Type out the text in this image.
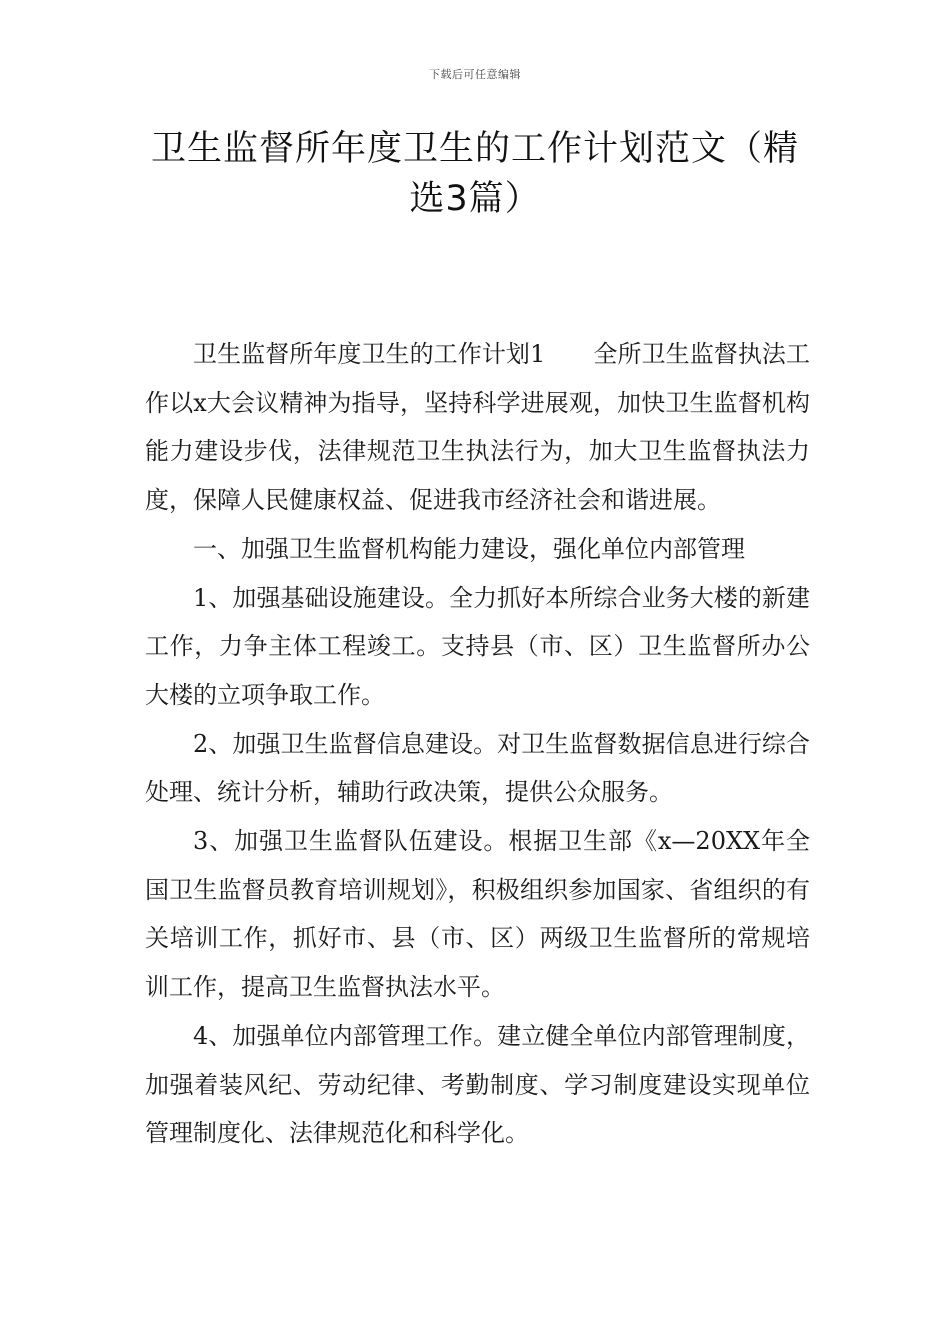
下载后可任意编辑
卫生监督所年度卫生的工作计划范文（精选3篇）

卫生监督所年度卫生的工作计划1　　全所卫生监督执法工作以x大会议精神为指导，坚持科学进展观，加快卫生监督机构能力建设步伐，法律规范卫生执法行为，加大卫生监督执法力度，保障人民健康权益、促进我市经济社会和谐进展。

一、加强卫生监督机构能力建设，强化单位内部管理

1、加强基础设施建设。全力抓好本所综合业务大楼的新建工作，力争主体工程竣工。支持县（市、区）卫生监督所办公大楼的立项争取工作。

2、加强卫生监督信息建设。对卫生监督数据信息进行综合处理、统计分析，辅助行政决策，提供公众服务。

3、加强卫生监督队伍建设。根据卫生部《x—20XX年全国卫生监督员教育培训规划》，积极组织参加国家、省组织的有关培训工作，抓好市、县（市、区）两级卫生监督所的常规培训工作，提高卫生监督执法水平。

4、加强单位内部管理工作。建立健全单位内部管理制度，加强着装风纪、劳动纪律、考勤制度、学习制度建设实现单位管理制度化、法律规范化和科学化。
